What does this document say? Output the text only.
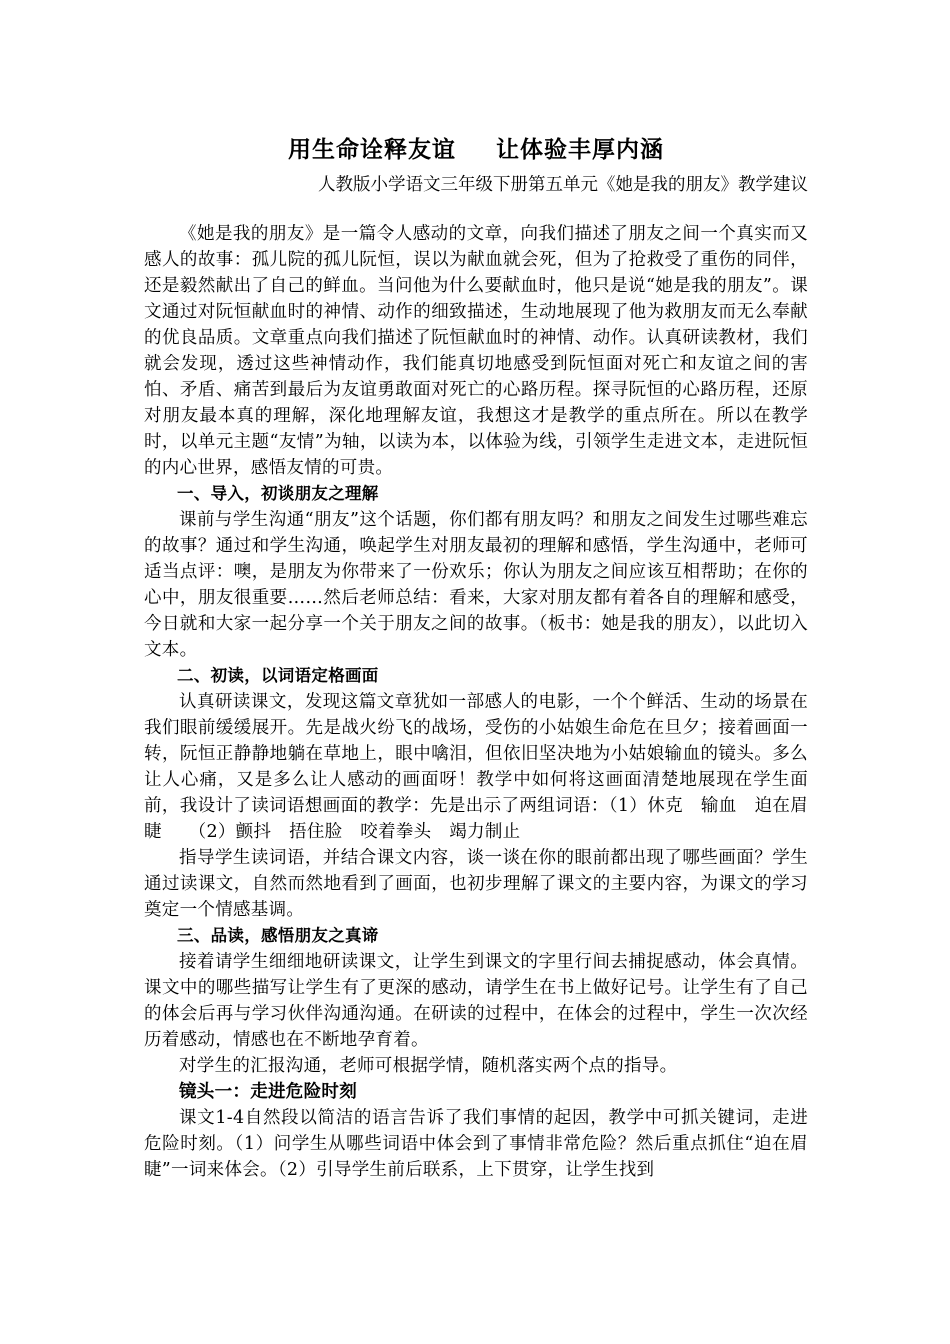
用生命诠释友谊 让体验丰厚内涵
人教版小学语文三年级下册第五单元《她是我的朋友》教学建议

《她是我的朋友》是一篇令人感动的文章，向我们描述了朋友之间一个真实而又感人的故事：孤儿院的孤儿阮恒，误以为献血就会死，但为了抢救受了重伤的同伴，还是毅然献出了自己的鲜血。当问他为什么要献血时，他只是说“她是我的朋友”。课文通过对阮恒献血时的神情、动作的细致描述，生动地展现了他为救朋友而无么奉献的优良品质。文章重点向我们描述了阮恒献血时的神情、动作。认真研读教材，我们就会发现，透过这些神情动作，我们能真切地感受到阮恒面对死亡和友谊之间的害怕、矛盾、痛苦到最后为友谊勇敢面对死亡的心路历程。探寻阮恒的心路历程，还原对朋友最本真的理解，深化地理解友谊，我想这才是教学的重点所在。所以在教学时，以单元主题“友情”为轴，以读为本，以体验为线，引领学生走进文本，走进阮恒的内心世界，感悟友情的可贵。

一、导入，初谈朋友之理解

课前与学生沟通“朋友”这个话题，你们都有朋友吗？和朋友之间发生过哪些难忘的故事？通过和学生沟通，唤起学生对朋友最初的理解和感悟，学生沟通中，老师可适当点评：噢，是朋友为你带来了一份欢乐；你认为朋友之间应该互相帮助；在你的心中，朋友很重要……然后老师总结：看来，大家对朋友都有着各自的理解和感受，今日就和大家一起分享一个关于朋友之间的故事。（板书：她是我的朋友），以此切入文本。

二、初读，以词语定格画面

认真研读课文，发现这篇文章犹如一部感人的电影，一个个鲜活、生动的场景在我们眼前缓缓展开。先是战火纷飞的战场，受伤的小姑娘生命危在旦夕；接着画面一转，阮恒正静静地躺在草地上，眼中噙泪，但依旧坚决地为小姑娘输血的镜头。多么让人心痛，又是多么让人感动的画面呀！教学中如何将这画面清楚地展现在学生面前，我设计了读词语想画面的教学：先是出示了两组词语：（1）休克　输血　迫在眉睫　　（2）颤抖　捂住脸　咬着拳头　竭力制止

指导学生读词语，并结合课文内容，谈一谈在你的眼前都出现了哪些画面？学生通过读课文，自然而然地看到了画面，也初步理解了课文的主要内容，为课文的学习奠定一个情感基调。

三、品读，感悟朋友之真谛

接着请学生细细地研读课文，让学生到课文的字里行间去捕捉感动，体会真情。课文中的哪些描写让学生有了更深的感动，请学生在书上做好记号。让学生有了自己的体会后再与学习伙伴沟通沟通。在研读的过程中，在体会的过程中，学生一次次经历着感动，情感也在不断地孕育着。

对学生的汇报沟通，老师可根据学情，随机落实两个点的指导。

镜头一：走进危险时刻

课文1-4自然段以简洁的语言告诉了我们事情的起因，教学中可抓关键词，走进危险时刻。（1）问学生从哪些词语中体会到了事情非常危险？然后重点抓住“迫在眉睫”一词来体会。（2）引导学生前后联系，上下贯穿，让学生找到
